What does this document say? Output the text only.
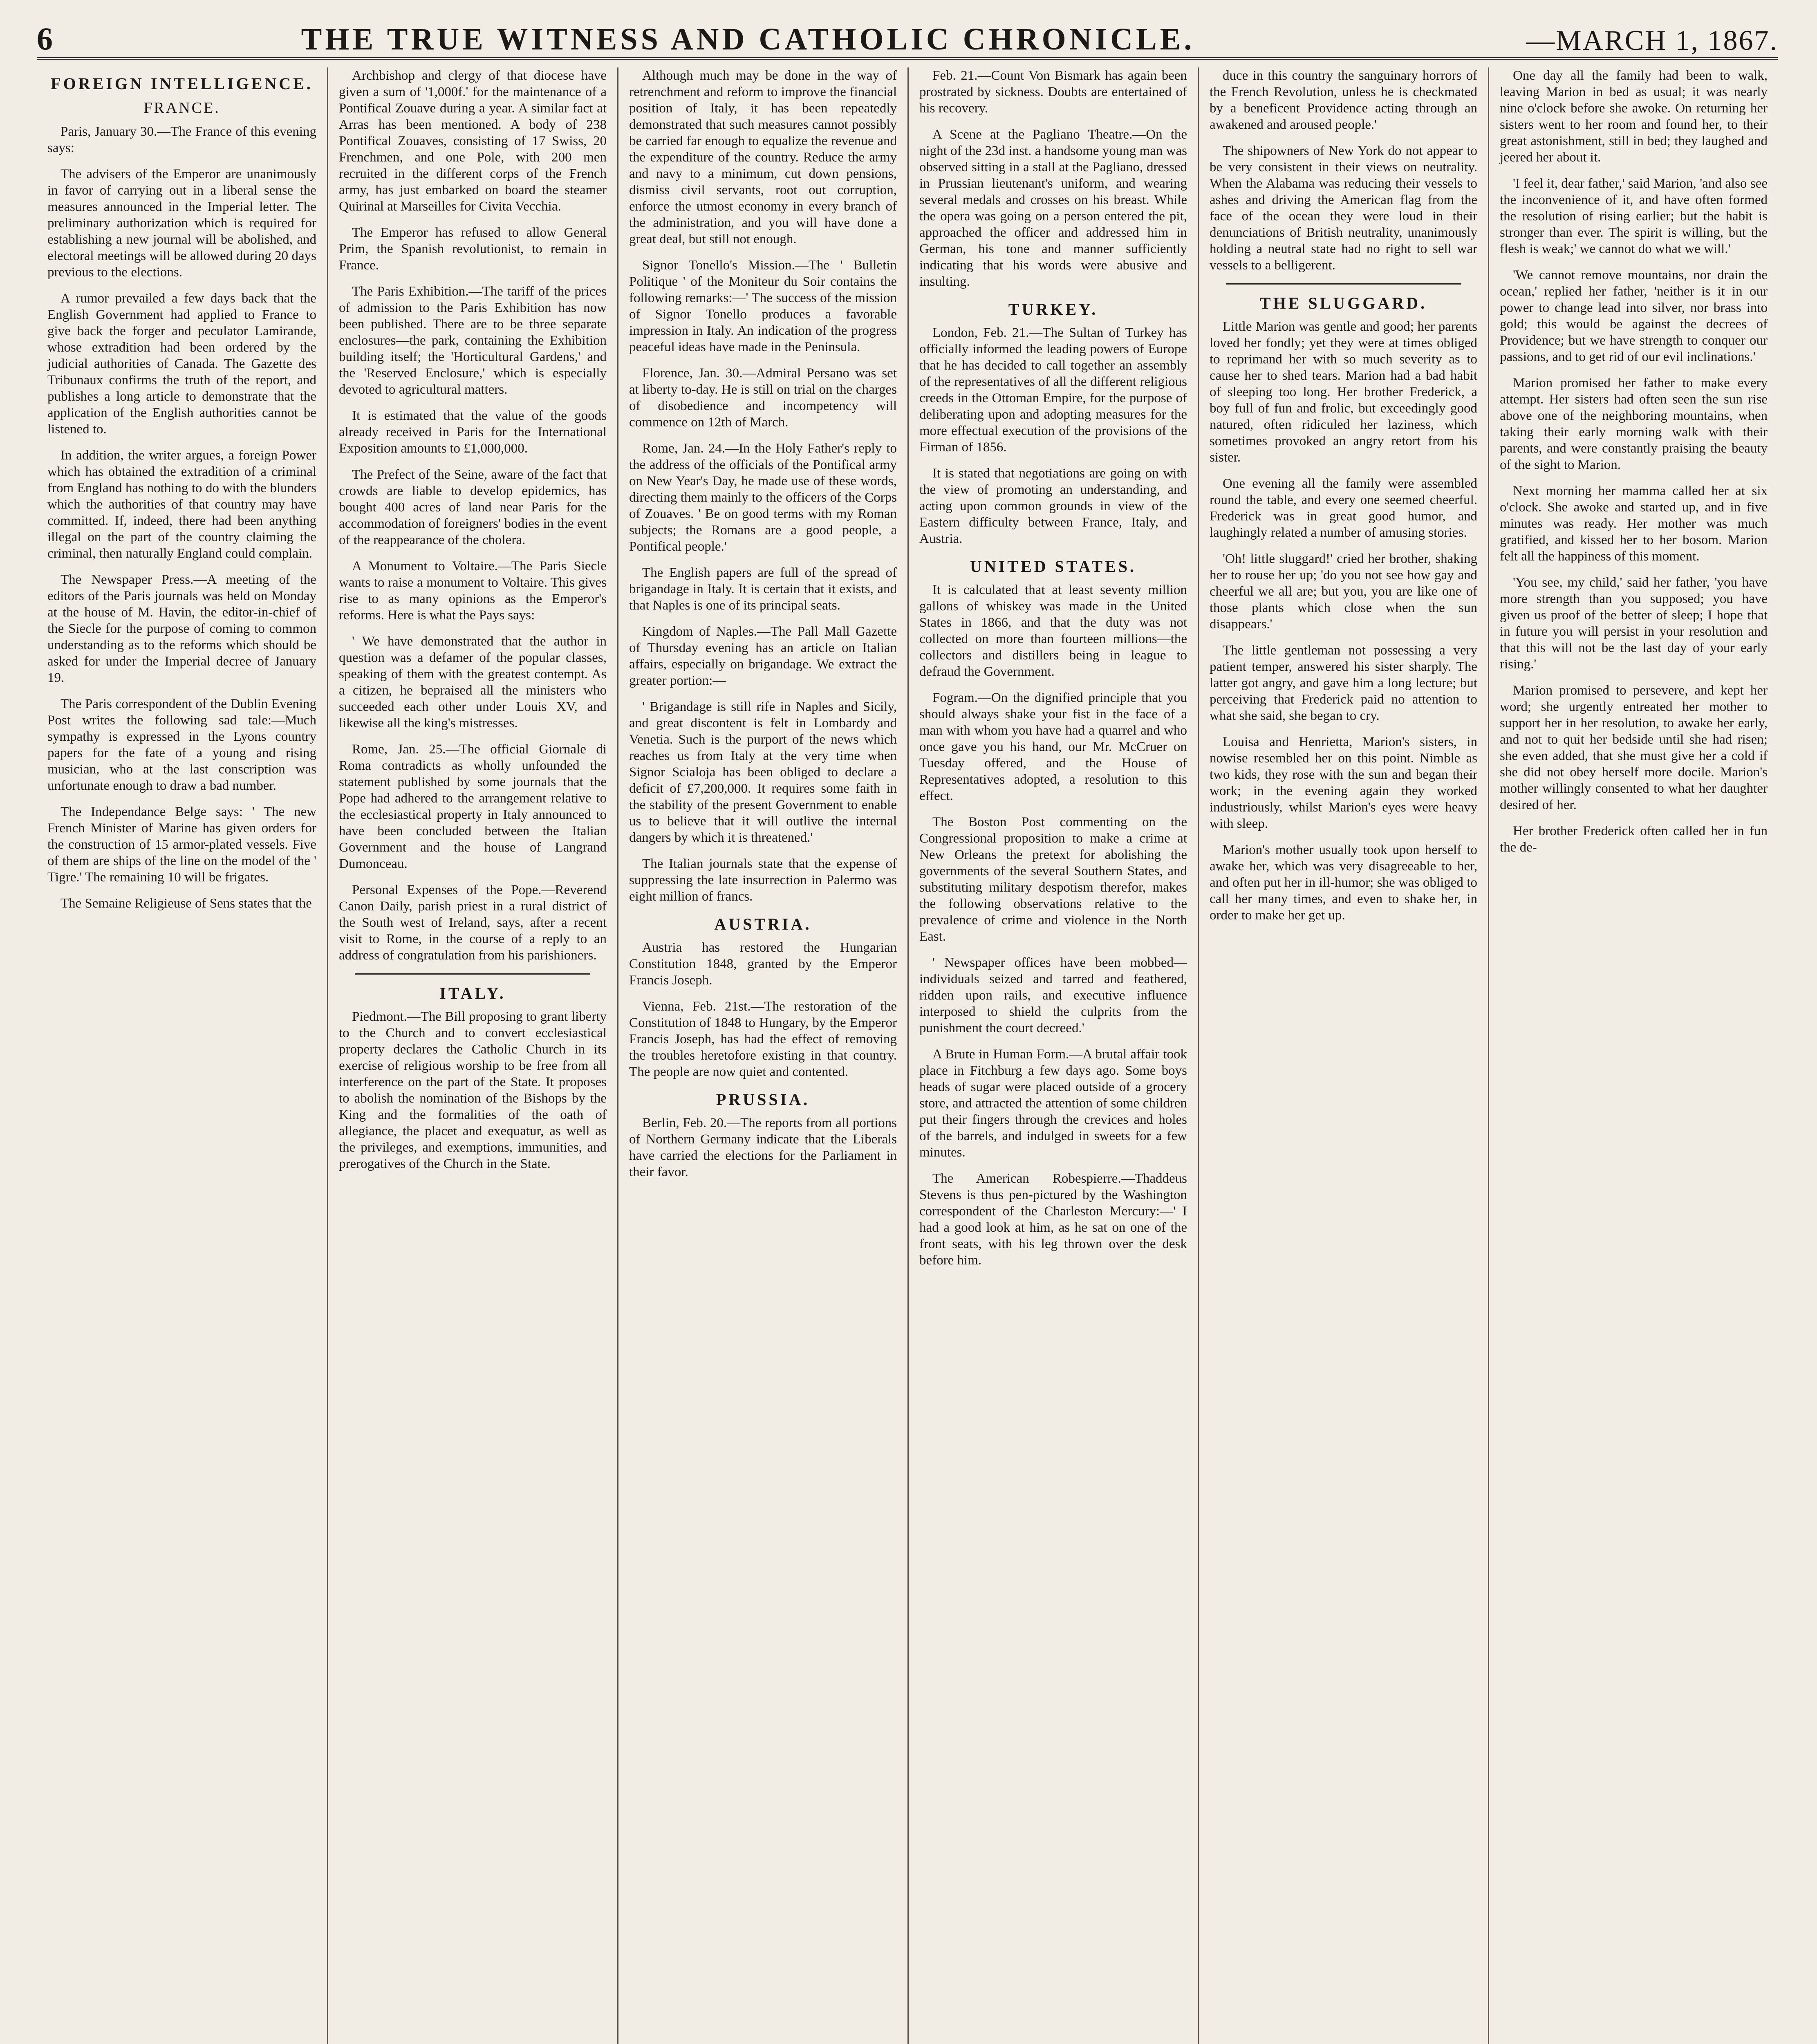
6	THE TRUE WITNESS AND CATHOLIC CHRONICLE.	—MARCH 1, 1867.
FOREIGN INTELLIGENCE.
FRANCE.

Paris, January 30.—The France of this evening says:

The advisers of the Emperor are unanimously in favor of carrying out in a liberal sense the measures announced in the Imperial letter. The preliminary authorization which is required for establishing a new journal will be abolished, and electoral meetings will be allowed during 20 days previous to the elections.

A rumor prevailed a few days back that the English Government had applied to France to give back the forger and peculator Lamirande, whose extradition had been ordered by the judicial authorities of Canada. The Gazette des Tribunaux confirms the truth of the report, and publishes a long article to demonstrate that the application of the English authorities cannot be listened to.

In addition, the writer argues, a foreign Power which has obtained the extradition of a criminal from England has nothing to do with the blunders which the authorities of that country may have committed. If, indeed, there had been anything illegal on the part of the country claiming the criminal, then naturally England could complain.

The Newspaper Press.—A meeting of the editors of the Paris journals was held on Monday at the house of M. Havin, the editor-in-chief of the Siecle for the purpose of coming to common understanding as to the reforms which should be asked for under the Imperial decree of January 19.

The Paris correspondent of the Dublin Evening Post writes the following sad tale:—Much sympathy is expressed in the Lyons country papers for the fate of a young and rising musician, who at the last conscription was unfortunate enough to draw a bad number.

The Independance Belge says: ' The new French Minister of Marine has given orders for the construction of 15 armor-plated vessels. Five of them are ships of the line on the model of the ' Tigre.' The remaining 10 will be frigates.

The Semaine Religieuse of Sens states that the

Archbishop and clergy of that diocese have given a sum of '1,000f.' for the maintenance of a Pontifical Zouave during a year. A similar fact at Arras has been mentioned. A body of 238 Pontifical Zouaves, consisting of 17 Swiss, 20 Frenchmen, and one Pole, with 200 men recruited in the different corps of the French army, has just embarked on board the steamer Quirinal at Marseilles for Civita Vecchia.

The Emperor has refused to allow General Prim, the Spanish revolutionist, to remain in France.

The Paris Exhibition.—The tariff of the prices of admission to the Paris Exhibition has now been published. There are to be three separate enclosures—the park, containing the Exhibition building itself; the 'Horticultural Gardens,' and the 'Reserved Enclosure,' which is especially devoted to agricultural matters.

It is estimated that the value of the goods already received in Paris for the International Exposition amounts to £1,000,000.

The Prefect of the Seine, aware of the fact that crowds are liable to develop epidemics, has bought 400 acres of land near Paris for the accommodation of foreigners' bodies in the event of the reappearance of the cholera.

A Monument to Voltaire.—The Paris Siecle wants to raise a monument to Voltaire. This gives rise to as many opinions as the Emperor's reforms. Here is what the Pays says:

' We have demonstrated that the author in question was a defamer of the popular classes, speaking of them with the greatest contempt. As a citizen, he bepraised all the ministers who succeeded each other under Louis XV, and likewise all the king's mistresses.

Rome, Jan. 25.—The official Giornale di Roma contradicts as wholly unfounded the statement published by some journals that the Pope had adhered to the arrangement relative to the ecclesiastical property in Italy announced to have been concluded between the Italian Government and the house of Langrand Dumonceau.

Personal Expenses of the Pope.—Reverend Canon Daily, parish priest in a rural district of the South west of Ireland, says, after a recent visit to Rome, in the course of a reply to an address of congratulation from his parishioners.

ITALY.

Piedmont.—The Bill proposing to grant liberty to the Church and to convert ecclesiastical property declares the Catholic Church in its exercise of religious worship to be free from all interference on the part of the State. It proposes to abolish the nomination of the Bishops by the King and the formalities of the oath of allegiance, the placet and exequatur, as well as the privileges, and exemptions, immunities, and prerogatives of the Church in the State.

Although much may be done in the way of retrenchment and reform to improve the financial position of Italy, it has been repeatedly demonstrated that such measures cannot possibly be carried far enough to equalize the revenue and the expenditure of the country. Reduce the army and navy to a minimum, cut down pensions, dismiss civil servants, root out corruption, enforce the utmost economy in every branch of the administration, and you will have done a great deal, but still not enough.

Signor Tonello's Mission.—The ' Bulletin Politique ' of the Moniteur du Soir contains the following remarks:—' The success of the mission of Signor Tonello produces a favorable impression in Italy. An indication of the progress peaceful ideas have made in the Peninsula.

Florence, Jan. 30.—Admiral Persano was set at liberty to-day. He is still on trial on the charges of disobedience and incompetency will commence on 12th of March.

Rome, Jan. 24.—In the Holy Father's reply to the address of the officials of the Pontifical army on New Year's Day, he made use of these words, directing them mainly to the officers of the Corps of Zouaves. ' Be on good terms with my Roman subjects; the Romans are a good people, a Pontifical people.'

The English papers are full of the spread of brigandage in Italy. It is certain that it exists, and that Naples is one of its principal seats.

Kingdom of Naples.—The Pall Mall Gazette of Thursday evening has an article on Italian affairs, especially on brigandage. We extract the greater portion:—

' Brigandage is still rife in Naples and Sicily, and great discontent is felt in Lombardy and Venetia. Such is the purport of the news which reaches us from Italy at the very time when Signor Scialoja has been obliged to declare a deficit of £7,200,000. It requires some faith in the stability of the present Government to enable us to believe that it will outlive the internal dangers by which it is threatened.'

The Italian journals state that the expense of suppressing the late insurrection in Palermo was eight million of francs.

AUSTRIA.

Austria has restored the Hungarian Constitution 1848, granted by the Emperor Francis Joseph.

Vienna, Feb. 21st.—The restoration of the Constitution of 1848 to Hungary, by the Emperor Francis Joseph, has had the effect of removing the troubles heretofore existing in that country. The people are now quiet and contented.

PRUSSIA.

Berlin, Feb. 20.—The reports from all portions of Northern Germany indicate that the Liberals have carried the elections for the Parliament in their favor.

Feb. 21.—Count Von Bismark has again been prostrated by sickness. Doubts are entertained of his recovery.

A Scene at the Pagliano Theatre.—On the night of the 23d inst. a handsome young man was observed sitting in a stall at the Pagliano, dressed in Prussian lieutenant's uniform, and wearing several medals and crosses on his breast. While the opera was going on a person entered the pit, approached the officer and addressed him in German, his tone and manner sufficiently indicating that his words were abusive and insulting.

TURKEY.

London, Feb. 21.—The Sultan of Turkey has officially informed the leading powers of Europe that he has decided to call together an assembly of the representatives of all the different religious creeds in the Ottoman Empire, for the purpose of deliberating upon and adopting measures for the more effectual execution of the provisions of the Firman of 1856.

It is stated that negotiations are going on with the view of promoting an understanding, and acting upon common grounds in view of the Eastern difficulty between France, Italy, and Austria.

UNITED STATES.

It is calculated that at least seventy million gallons of whiskey was made in the United States in 1866, and that the duty was not collected on more than fourteen millions—the collectors and distillers being in league to defraud the Government.

Fogram.—On the dignified principle that you should always shake your fist in the face of a man with whom you have had a quarrel and who once gave you his hand, our Mr. McCruer on Tuesday offered, and the House of Representatives adopted, a resolution to this effect.

The Boston Post commenting on the Congressional proposition to make a crime at New Orleans the pretext for abolishing the governments of the several Southern States, and substituting military despotism therefor, makes the following observations relative to the prevalence of crime and violence in the North East.

' Newspaper offices have been mobbed—individuals seized and tarred and feathered, ridden upon rails, and executive influence interposed to shield the culprits from the punishment the court decreed.'

A Brute in Human Form.—A brutal affair took place in Fitchburg a few days ago. Some boys heads of sugar were placed outside of a grocery store, and attracted the attention of some children put their fingers through the crevices and holes of the barrels, and indulged in sweets for a few minutes.

The American Robespierre.—Thaddeus Stevens is thus pen-pictured by the Washington correspondent of the Charleston Mercury:—' I had a good look at him, as he sat on one of the front seats, with his leg thrown over the desk before him.

duce in this country the sanguinary horrors of the French Revolution, unless he is checkmated by a beneficent Providence acting through an awakened and aroused people.'

The shipowners of New York do not appear to be very consistent in their views on neutrality. When the Alabama was reducing their vessels to ashes and driving the American flag from the face of the ocean they were loud in their denunciations of British neutrality, unanimously holding a neutral state had no right to sell war vessels to a belligerent.

THE SLUGGARD.

Little Marion was gentle and good; her parents loved her fondly; yet they were at times obliged to reprimand her with so much severity as to cause her to shed tears. Marion had a bad habit of sleeping too long. Her brother Frederick, a boy full of fun and frolic, but exceedingly good natured, often ridiculed her laziness, which sometimes provoked an angry retort from his sister.

One evening all the family were assembled round the table, and every one seemed cheerful. Frederick was in great good humor, and laughingly related a number of amusing stories.

'Oh! little sluggard!' cried her brother, shaking her to rouse her up; 'do you not see how gay and cheerful we all are; but you, you are like one of those plants which close when the sun disappears.'

The little gentleman not possessing a very patient temper, answered his sister sharply. The latter got angry, and gave him a long lecture; but perceiving that Frederick paid no attention to what she said, she began to cry.

Louisa and Henrietta, Marion's sisters, in nowise resembled her on this point. Nimble as two kids, they rose with the sun and began their work; in the evening again they worked industriously, whilst Marion's eyes were heavy with sleep.

Marion's mother usually took upon herself to awake her, which was very disagreeable to her, and often put her in ill-humor; she was obliged to call her many times, and even to shake her, in order to make her get up.

One day all the family had been to walk, leaving Marion in bed as usual; it was nearly nine o'clock before she awoke. On returning her sisters went to her room and found her, to their great astonishment, still in bed; they laughed and jeered her about it.

'I feel it, dear father,' said Marion, 'and also see the inconvenience of it, and have often formed the resolution of rising earlier; but the habit is stronger than ever. The spirit is willing, but the flesh is weak;' we cannot do what we will.'

'We cannot remove mountains, nor drain the ocean,' replied her father, 'neither is it in our power to change lead into silver, nor brass into gold; this would be against the decrees of Providence; but we have strength to conquer our passions, and to get rid of our evil inclinations.'

Marion promised her father to make every attempt. Her sisters had often seen the sun rise above one of the neighboring mountains, when taking their early morning walk with their parents, and were constantly praising the beauty of the sight to Marion.

Next morning her mamma called her at six o'clock. She awoke and started up, and in five minutes was ready. Her mother was much gratified, and kissed her to her bosom. Marion felt all the happiness of this moment.

'You see, my child,' said her father, 'you have more strength than you supposed; you have given us proof of the better of sleep; I hope that in future you will persist in your resolution and that this will not be the last day of your early rising.'

Marion promised to persevere, and kept her word; she urgently entreated her mother to support her in her resolution, to awake her early, and not to quit her bedside until she had risen; she even added, that she must give her a cold if she did not obey herself more docile. Marion's mother willingly consented to what her daughter desired of her.

Her brother Frederick often called her in fun the de-
